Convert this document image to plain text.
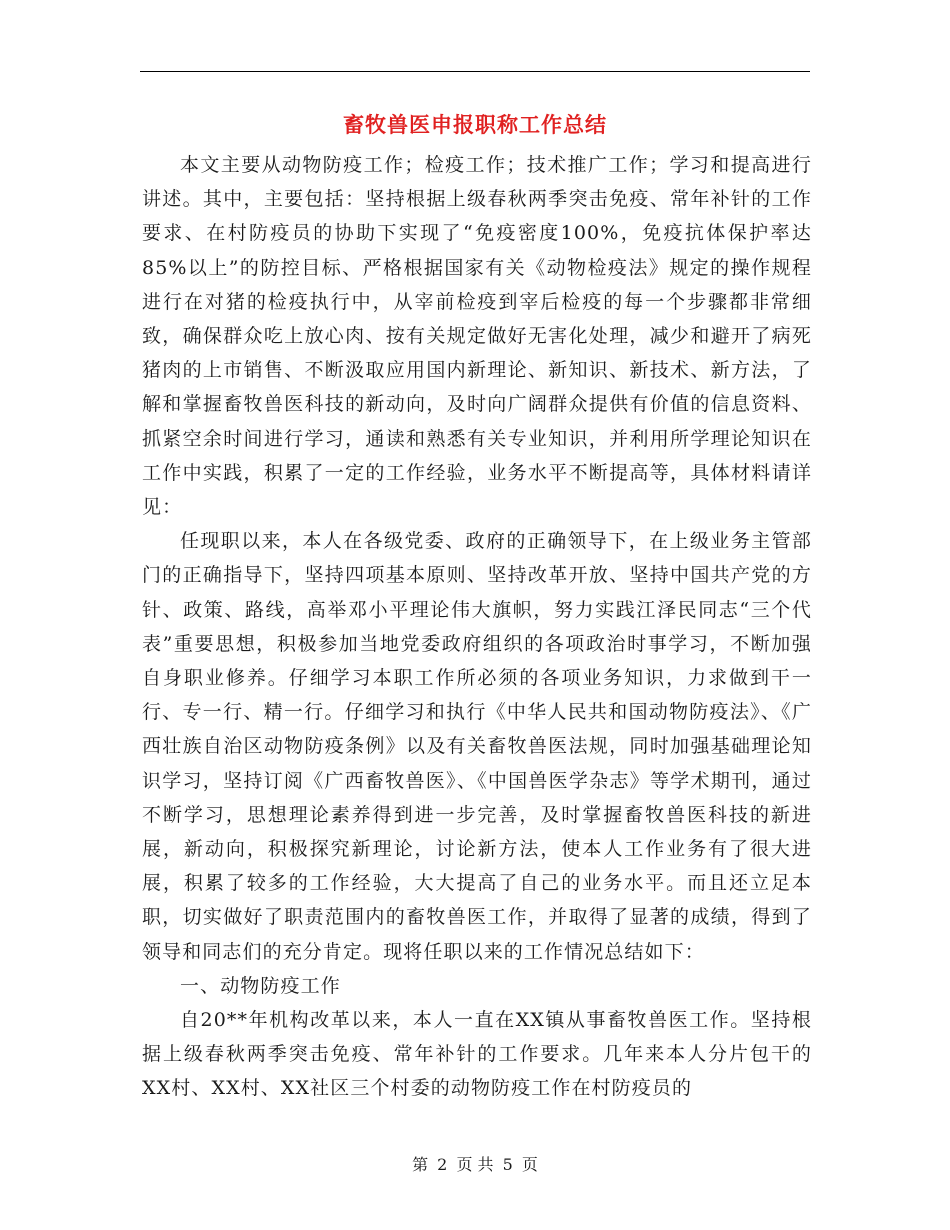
畜牧兽医申报职称工作总结

本文主要从动物防疫工作；检疫工作；技术推广工作；学习和提高进行讲述。其中，主要包括：坚持根据上级春秋两季突击免疫、常年补针的工作要求、在村防疫员的协助下实现了“免疫密度100%，免疫抗体保护率达85%以上”的防控目标、严格根据国家有关《动物检疫法》规定的操作规程进行在对猪的检疫执行中，从宰前检疫到宰后检疫的每一个步骤都非常细致，确保群众吃上放心肉、按有关规定做好无害化处理，减少和避开了病死猪肉的上市销售、不断汲取应用国内新理论、新知识、新技术、新方法，了解和掌握畜牧兽医科技的新动向，及时向广阔群众提供有价值的信息资料、抓紧空余时间进行学习，通读和熟悉有关专业知识，并利用所学理论知识在工作中实践，积累了一定的工作经验，业务水平不断提高等，具体材料请详见：

任现职以来，本人在各级党委、政府的正确领导下，在上级业务主管部门的正确指导下，坚持四项基本原则、坚持改革开放、坚持中国共产党的方针、政策、路线，高举邓小平理论伟大旗帜，努力实践江泽民同志“三个代表”重要思想，积极参加当地党委政府组织的各项政治时事学习，不断加强自身职业修养。仔细学习本职工作所必须的各项业务知识，力求做到干一行、专一行、精一行。仔细学习和执行《中华人民共和国动物防疫法》、《广西壮族自治区动物防疫条例》以及有关畜牧兽医法规，同时加强基础理论知识学习，坚持订阅《广西畜牧兽医》、《中国兽医学杂志》等学术期刊，通过不断学习，思想理论素养得到进一步完善，及时掌握畜牧兽医科技的新进展，新动向，积极探究新理论，讨论新方法，使本人工作业务有了很大进展，积累了较多的工作经验，大大提高了自己的业务水平。而且还立足本职，切实做好了职责范围内的畜牧兽医工作，并取得了显著的成绩，得到了领导和同志们的充分肯定。现将任职以来的工作情况总结如下：

一、动物防疫工作

自20**年机构改革以来，本人一直在XX镇从事畜牧兽医工作。坚持根据上级春秋两季突击免疫、常年补针的工作要求。几年来本人分片包干的XX村、XX村、XX社区三个村委的动物防疫工作在村防疫员的

第 2 页 共 5 页
